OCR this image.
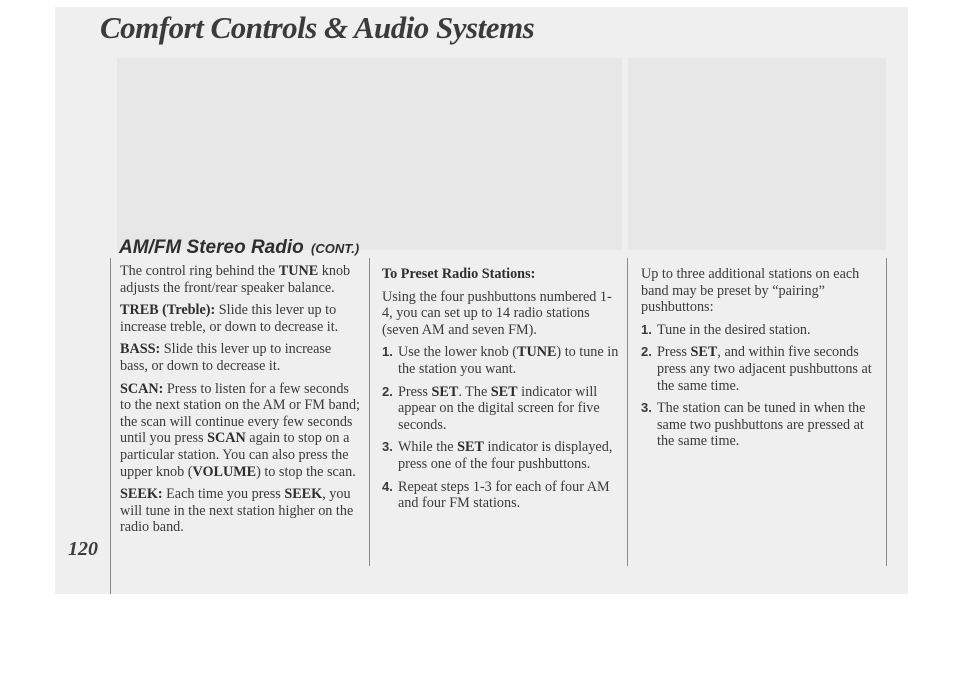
Comfort Controls & Audio Systems
120
AM/FM Stereo Radio (CONT.)

The control ring behind the TUNE knob adjusts the front/rear speaker balance.

TREB (Treble): Slide this lever up to increase treble, or down to decrease it.

BASS: Slide this lever up to increase bass, or down to decrease it.

SCAN: Press to listen for a few seconds to the next station on the AM or FM band; the scan will continue every few seconds until you press SCAN again to stop on a particular station. You can also press the upper knob (VOLUME) to stop the scan.

SEEK: Each time you press SEEK, you will tune in the next station higher on the radio band.

To Preset Radio Stations:

Using the four pushbuttons numbered 1-4, you can set up to 14 radio stations (seven AM and seven FM).

1. Use the lower knob (TUNE) to tune in the station you want.
2. Press SET. The SET indicator will appear on the digital screen for five seconds.
3. While the SET indicator is displayed, press one of the four pushbuttons.
4. Repeat steps 1-3 for each of four AM and four FM stations.

Up to three additional stations on each band may be preset by “pairing” pushbuttons:

1. Tune in the desired station.
2. Press SET, and within five seconds press any two adjacent pushbuttons at the same time.
3. The station can be tuned in when the same two pushbuttons are pressed at the same time.
